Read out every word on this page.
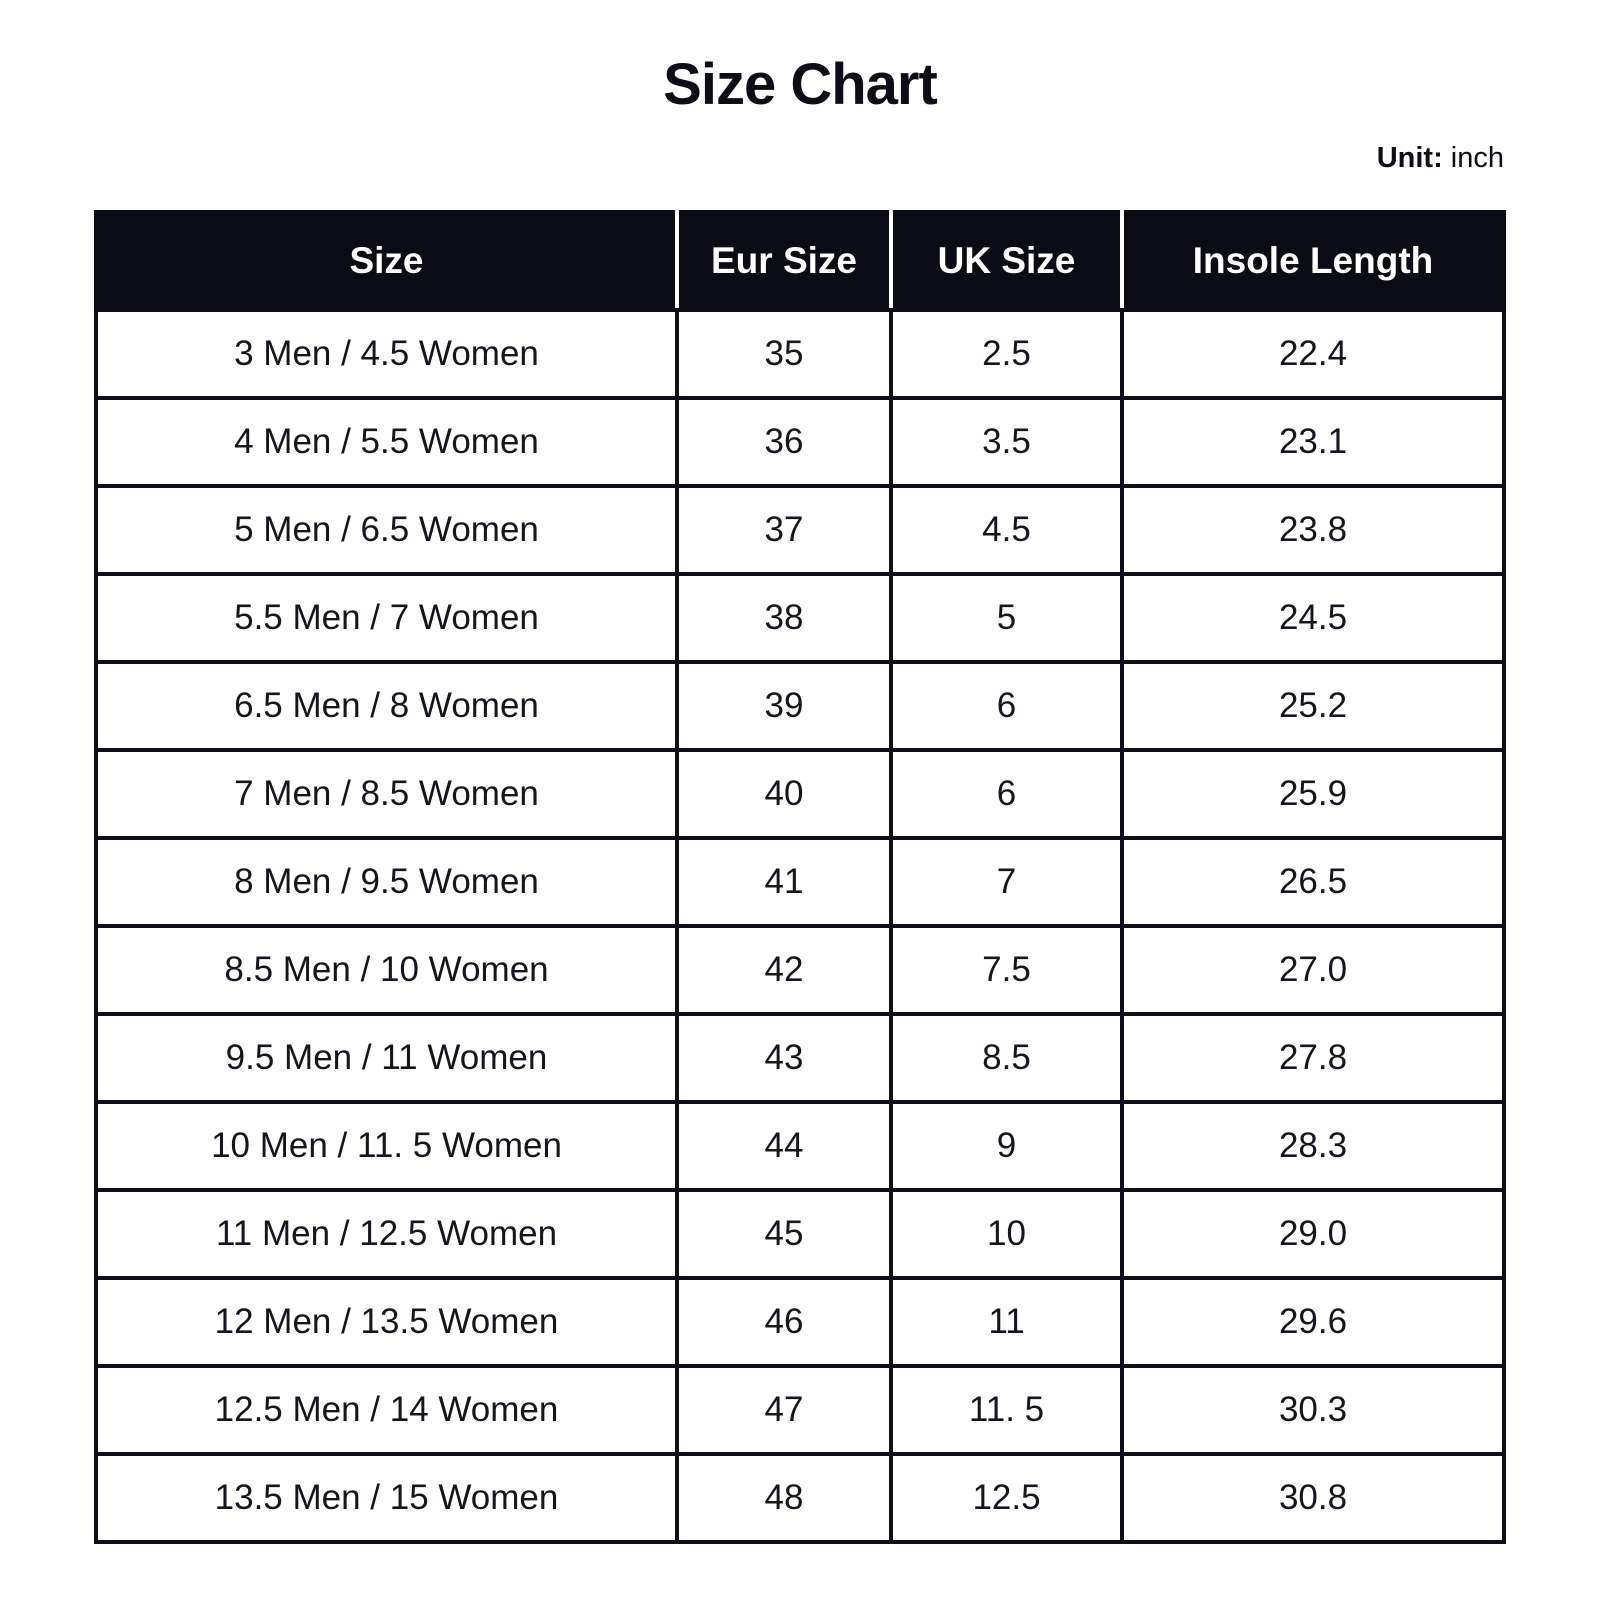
Size Chart
Unit: inch
Size	Eur Size	UK Size	Insole Length
3 Men / 4.5 Women	35	2.5	22.4
4 Men / 5.5 Women	36	3.5	23.1
5 Men / 6.5 Women	37	4.5	23.8
5.5 Men / 7 Women	38	5	24.5
6.5 Men / 8 Women	39	6	25.2
7 Men / 8.5 Women	40	6	25.9
8 Men / 9.5 Women	41	7	26.5
8.5 Men / 10 Women	42	7.5	27.0
9.5 Men / 11 Women	43	8.5	27.8
10 Men / 11. 5 Women	44	9	28.3
11 Men / 12.5 Women	45	10	29.0
12 Men / 13.5 Women	46	11	29.6
12.5 Men / 14 Women	47	11. 5	30.3
13.5 Men / 15 Women	48	12.5	30.8
